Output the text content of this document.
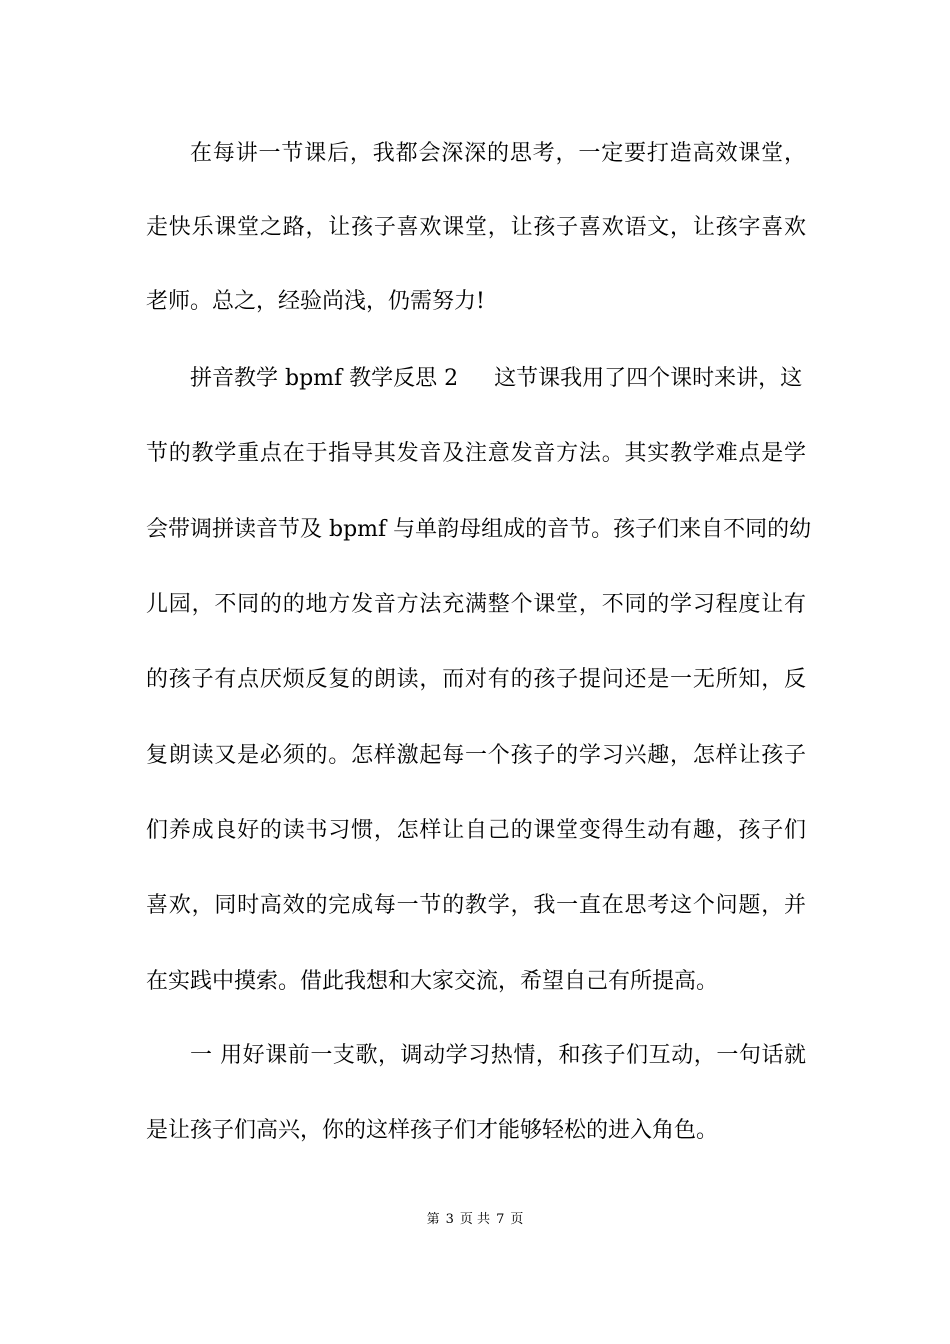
在每讲一节课后，我都会深深的思考，一定要打造高效课堂，
走快乐课堂之路，让孩子喜欢课堂，让孩子喜欢语文，让孩字喜欢
老师。总之，经验尚浅，仍需努力!
拼音教学 bpmf 教学反思 2 这节课我用了四个课时来讲，这
节的教学重点在于指导其发音及注意发音方法。其实教学难点是学
会带调拼读音节及 bpmf 与单韵母组成的音节。孩子们来自不同的幼
儿园，不同的的地方发音方法充满整个课堂，不同的学习程度让有
的孩子有点厌烦反复的朗读，而对有的孩子提问还是一无所知，反
复朗读又是必须的。怎样激起每一个孩子的学习兴趣，怎样让孩子
们养成良好的读书习惯，怎样让自己的课堂变得生动有趣，孩子们
喜欢，同时高效的完成每一节的教学，我一直在思考这个问题，并
在实践中摸索。借此我想和大家交流，希望自己有所提高。
一 用好课前一支歌，调动学习热情，和孩子们互动，一句话就
是让孩子们高兴，你的这样孩子们才能够轻松的进入角色。
第 3 页 共 7 页
